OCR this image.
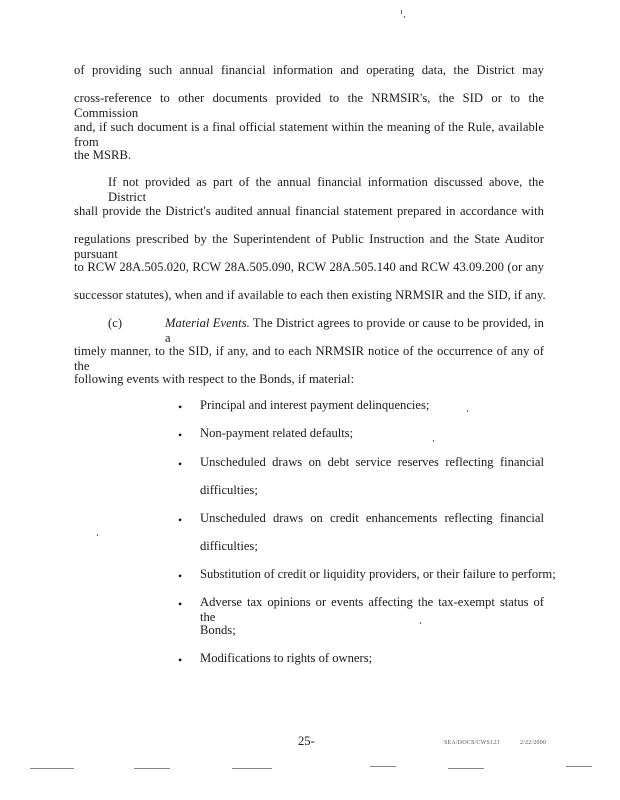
of providing such annual financial information and operating data, the District may
cross-reference to other documents provided to the NRMSIR's, the SID or to the Commission
and, if such document is a final official statement within the meaning of the Rule, available from
the MSRB.
If not provided as part of the annual financial information discussed above, the District
shall provide the District's audited annual financial statement prepared in accordance with
regulations prescribed by the Superintendent of Public Instruction and the State Auditor pursuant
to RCW 28A.505.020, RCW 28A.505.090, RCW 28A.505.140 and RCW 43.09.200 (or any
successor statutes), when and if available to each then existing NRMSIR and the SID, if any.
(c)	Material Events. The District agrees to provide or cause to be provided, in a
timely manner, to the SID, if any, and to each NRMSIR notice of the occurrence of any of the
following events with respect to the Bonds, if material:
• Principal and interest payment delinquencies;
• Non-payment related defaults;
• Unscheduled draws on debt service reserves reflecting financial
difficulties;
• Unscheduled draws on credit enhancements reflecting financial
difficulties;
• Substitution of credit or liquidity providers, or their failure to perform;
• Adverse tax opinions or events affecting the tax-exempt status of the
Bonds;
• Modifications to rights of owners;
25-	SEA/DOCS/CWS123	2/22/2000
